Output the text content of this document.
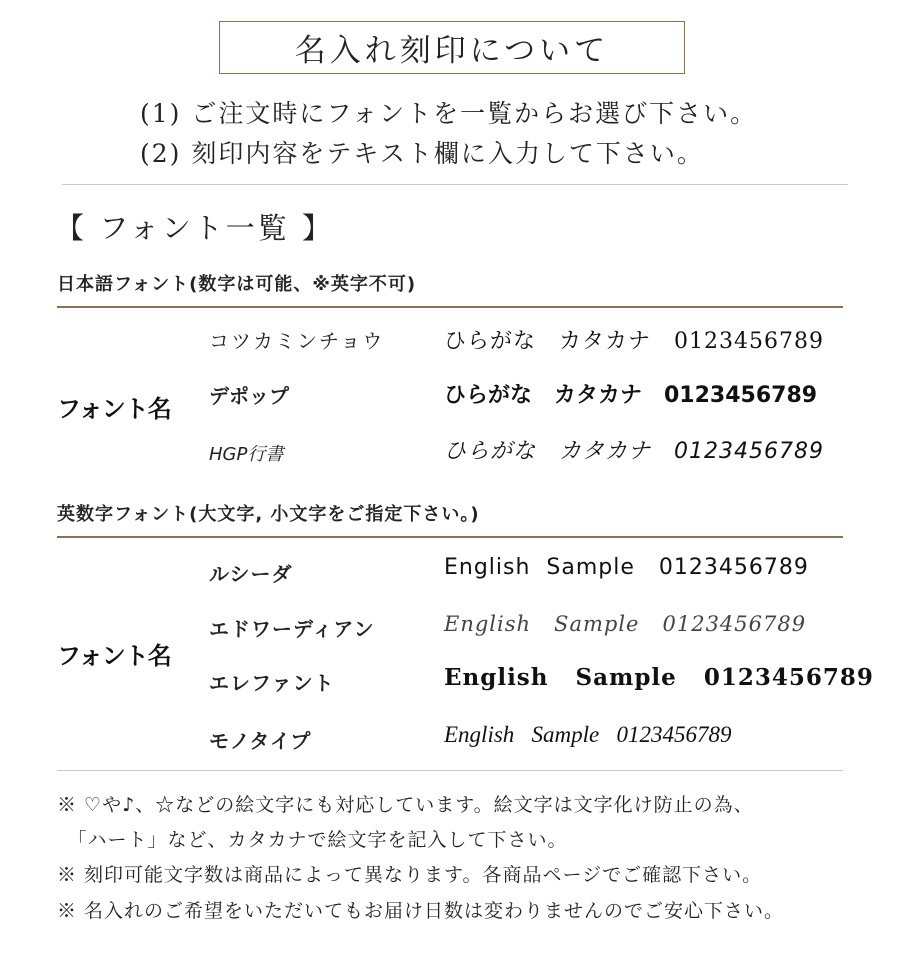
名入れ刻印について
(1) ご注文時にフォントを一覧からお選び下さい。
(2) 刻印内容をテキスト欄に入力して下さい。
【 フォント一覧 】
日本語フォント(数字は可能、※英字不可)
フォント名
コツカミンチョウ	ひらがな　カタカナ　0123456789
デポップ	ひらがな　カタカナ　0123456789
HGP行書	ひらがな　カタカナ　0123456789
英数字フォント(大文字, 小文字をご指定下さい。)
フォント名
ルシーダ	English  Sample   0123456789
エドワーディアン	English   Sample   0123456789
エレファント	English   Sample   0123456789
モノタイプ	English   Sample   0123456789
※ ♡や♪、☆などの絵文字にも対応しています。絵文字は文字化け防止の為、
　「ハート」など、カタカナで絵文字を記入して下さい。
※ 刻印可能文字数は商品によって異なります。各商品ページでご確認下さい。
※ 名入れのご希望をいただいてもお届け日数は変わりませんのでご安心下さい。
